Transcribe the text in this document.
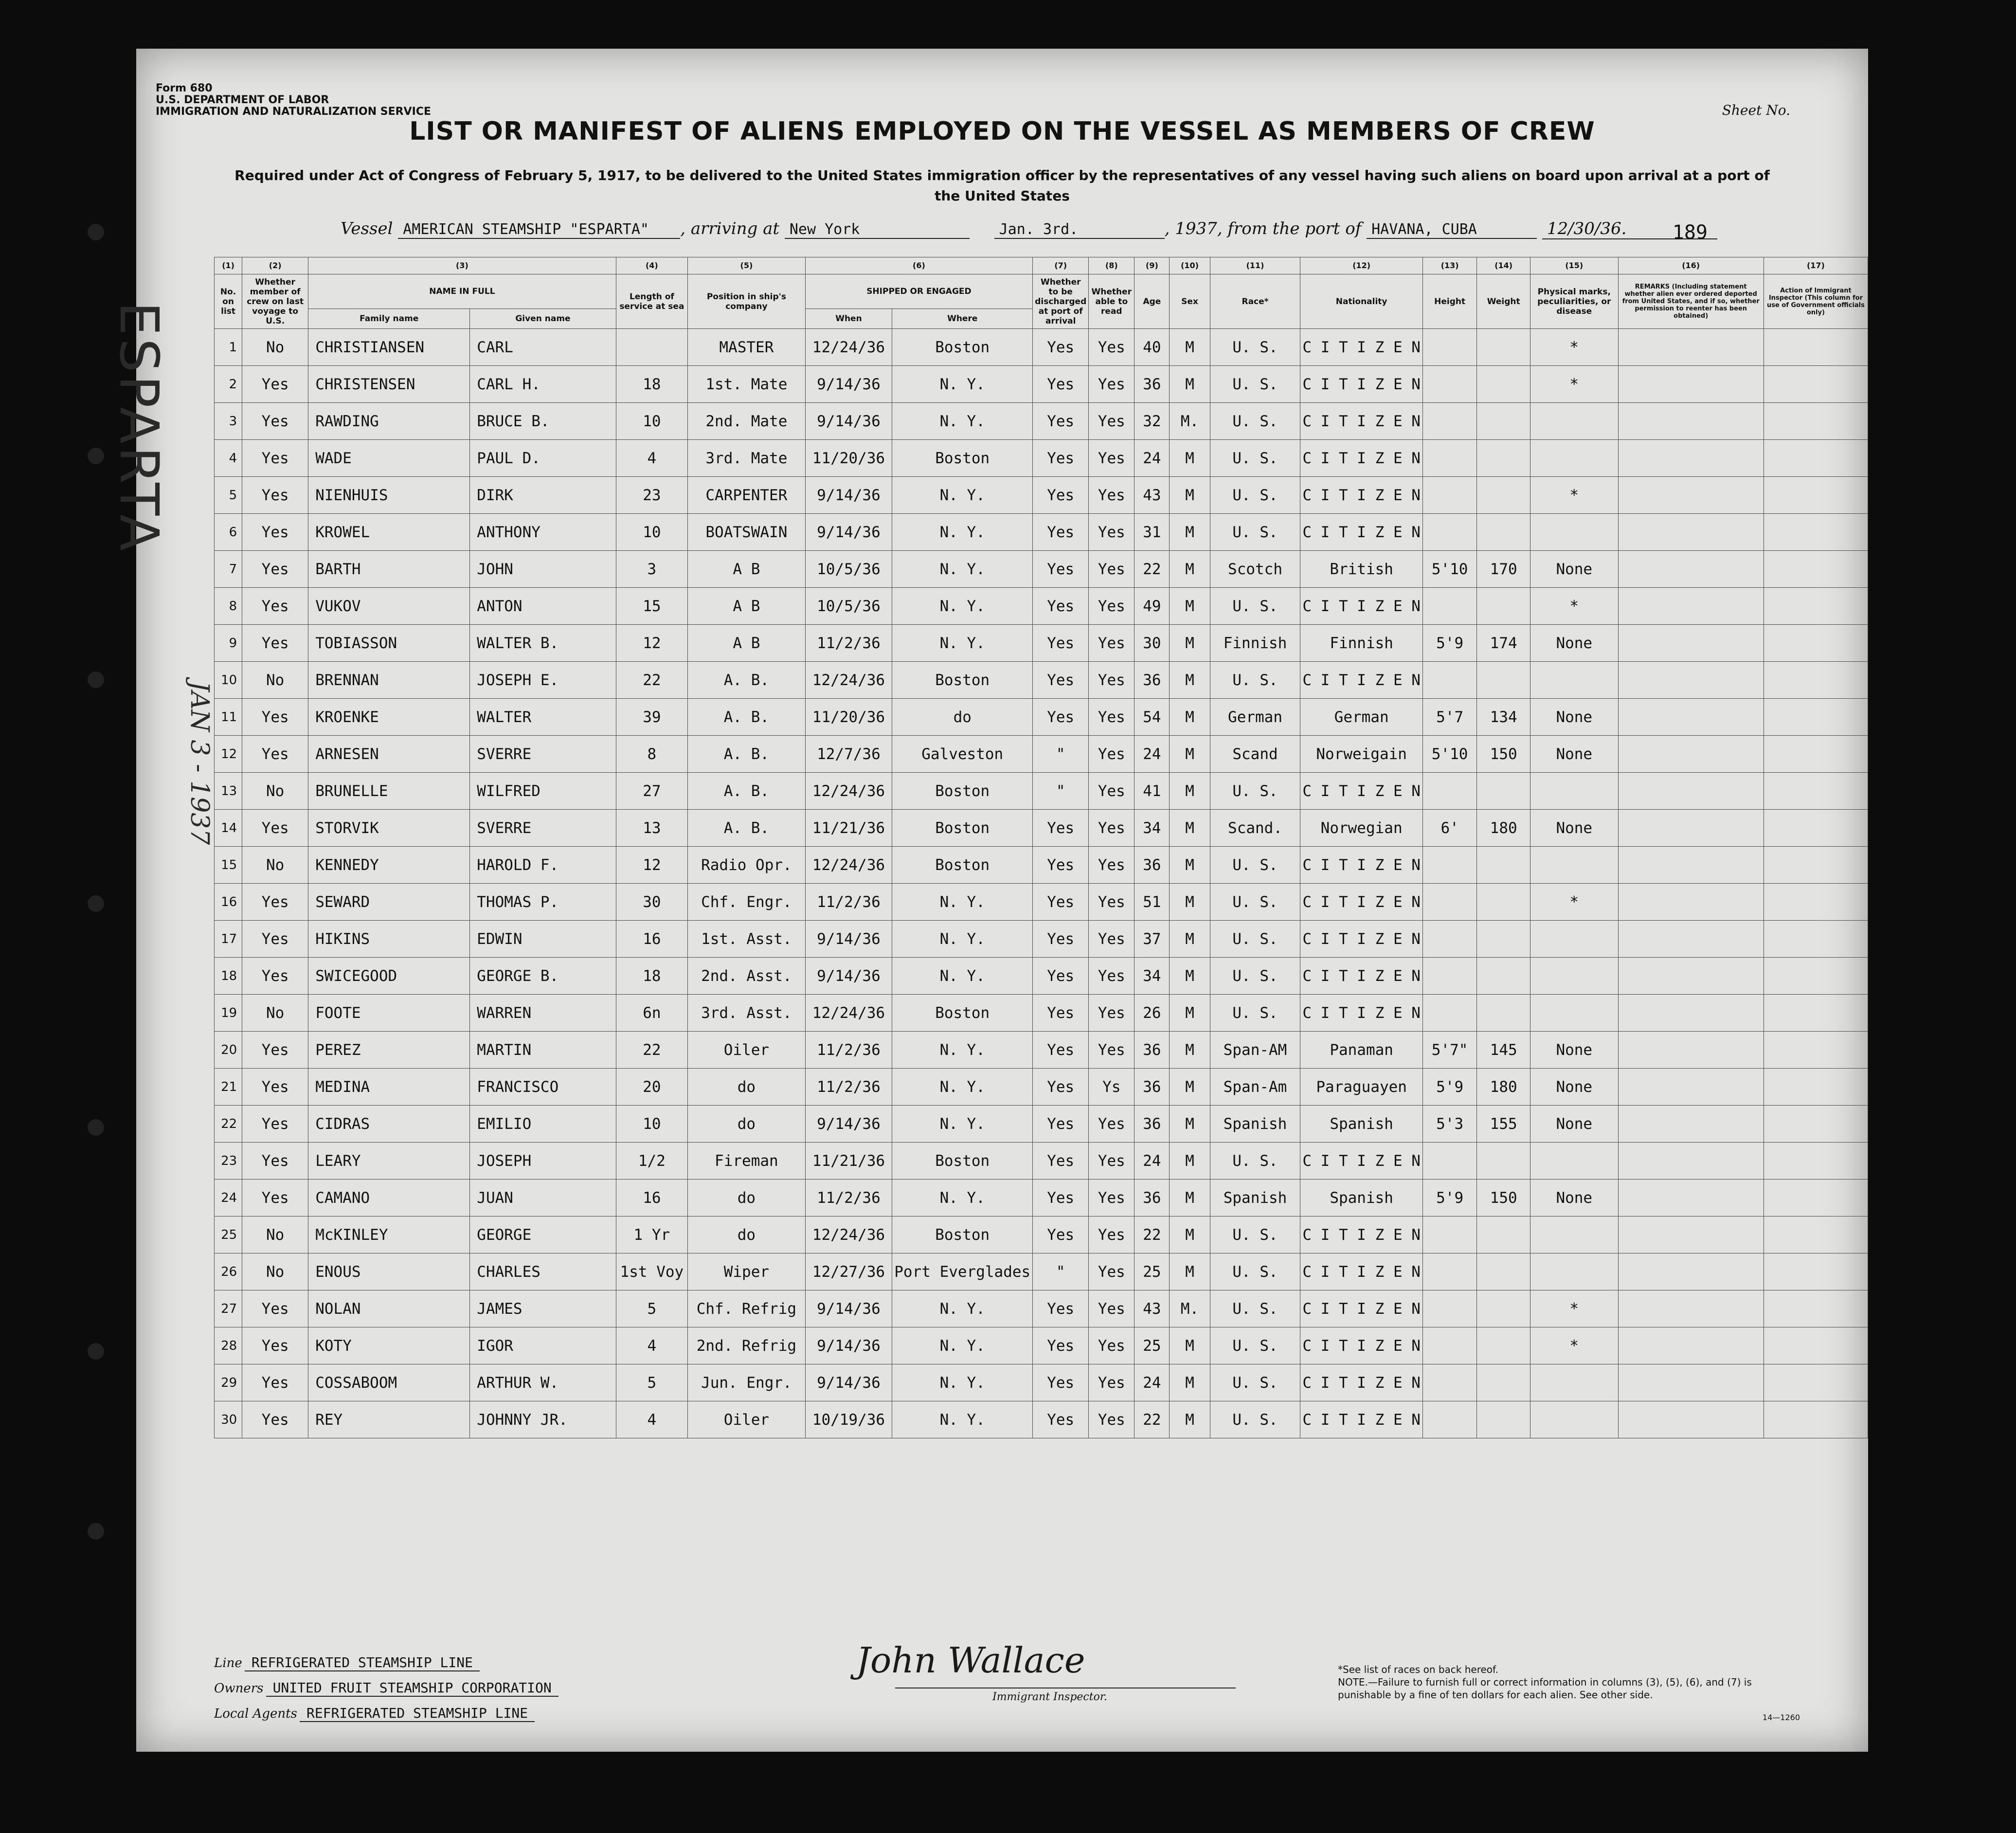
ESPARTA
JAN 3 - 1937
Form 680
U.S. DEPARTMENT OF LABOR
IMMIGRATION AND NATURALIZATION SERVICE	Sheet No.
LIST OR MANIFEST OF ALIENS EMPLOYED ON THE VESSEL AS MEMBERS OF CREW
Required under Act of Congress of February 5, 1917, to be delivered to the United States immigration officer by the representatives of any vessel having such aliens on board upon arrival at a port of the United States
Vessel AMERICAN STEAMSHIP "ESPARTA" , arriving at New York	Jan. 3rd.	, 1937, from the port of HAVANA, CUBA	12/30/36.	189
(1)	(2)	(3)		(4)	(5)	(6)		(7)	(8)	(9)	(10)	(11)	(12)	(13)	(14)	(15)	(16)	(17)
No. on list	Whether member of crew on last voyage to U.S.	NAME IN FULL		Length of service at sea	Position in ship's company	SHIPPED OR ENGAGED		Whether to be discharged at port of arrival	Whether able to read	Age	Sex	Race*	Nationality	Height	Weight	Physical marks, peculiarities, or disease	REMARKS (Including statement whether alien ever ordered deported from United States, and if so, whether permission to reenter has been obtained)	Action of Immigrant Inspector (This column for use of Government officials only)
		Family name	Given name			When	Where											
1	No	CHRISTIANSEN	CARL		MASTER	12/24/36	Boston	Yes	Yes	40	M	U. S.	C I T I Z E N			*		
2	Yes	CHRISTENSEN	CARL H.	18	1st. Mate	9/14/36	N. Y.	Yes	Yes	36	M	U. S.	C I T I Z E N			*		
3	Yes	RAWDING	BRUCE B.	10	2nd. Mate	9/14/36	N. Y.	Yes	Yes	32	M.	U. S.	C I T I Z E N					
4	Yes	WADE	PAUL D.	4	3rd. Mate	11/20/36	Boston	Yes	Yes	24	M	U. S.	C I T I Z E N					
5	Yes	NIENHUIS	DIRK	23	CARPENTER	9/14/36	N. Y.	Yes	Yes	43	M	U. S.	C I T I Z E N			*		
6	Yes	KROWEL	ANTHONY	10	BOATSWAIN	9/14/36	N. Y.	Yes	Yes	31	M	U. S.	C I T I Z E N					
7	Yes	BARTH	JOHN	3	A B	10/5/36	N. Y.	Yes	Yes	22	M	Scotch	British	5'10	170	None		
8	Yes	VUKOV	ANTON	15	A B	10/5/36	N. Y.	Yes	Yes	49	M	U. S.	C I T I Z E N			*		
9	Yes	TOBIASSON	WALTER B.	12	A B	11/2/36	N. Y.	Yes	Yes	30	M	Finnish	Finnish	5'9	174	None		
10	No	BRENNAN	JOSEPH E.	22	A. B.	12/24/36	Boston	Yes	Yes	36	M	U. S.	C I T I Z E N					
11	Yes	KROENKE	WALTER	39	A. B.	11/20/36	do	Yes	Yes	54	M	German	German	5'7	134	None		
12	Yes	ARNESEN	SVERRE	8	A. B.	12/7/36	Galveston	"	Yes	24	M	Scand	Norweigain	5'10	150	None		
13	No	BRUNELLE	WILFRED	27	A. B.	12/24/36	Boston	"	Yes	41	M	U. S.	C I T I Z E N					
14	Yes	STORVIK	SVERRE	13	A. B.	11/21/36	Boston	Yes	Yes	34	M	Scand.	Norwegian	6'	180	None		
15	No	KENNEDY	HAROLD F.	12	Radio Opr.	12/24/36	Boston	Yes	Yes	36	M	U. S.	C I T I Z E N					
16	Yes	SEWARD	THOMAS P.	30	Chf. Engr.	11/2/36	N. Y.	Yes	Yes	51	M	U. S.	C I T I Z E N			*		
17	Yes	HIKINS	EDWIN	16	1st. Asst.	9/14/36	N. Y.	Yes	Yes	37	M	U. S.	C I T I Z E N					
18	Yes	SWICEGOOD	GEORGE B.	18	2nd. Asst.	9/14/36	N. Y.	Yes	Yes	34	M	U. S.	C I T I Z E N					
19	No	FOOTE	WARREN	6n	3rd. Asst.	12/24/36	Boston	Yes	Yes	26	M	U. S.	C I T I Z E N					
20	Yes	PEREZ	MARTIN	22	Oiler	11/2/36	N. Y.	Yes	Yes	36	M	Span-AM	Panaman	5'7"	145	None		
21	Yes	MEDINA	FRANCISCO	20	do	11/2/36	N. Y.	Yes	Ys	36	M	Span-Am	Paraguayen	5'9	180	None		
22	Yes	CIDRAS	EMILIO	10	do	9/14/36	N. Y.	Yes	Yes	36	M	Spanish	Spanish	5'3	155	None		
23	Yes	LEARY	JOSEPH	1/2	Fireman	11/21/36	Boston	Yes	Yes	24	M	U. S.	C I T I Z E N					
24	Yes	CAMANO	JUAN	16	do	11/2/36	N. Y.	Yes	Yes	36	M	Spanish	Spanish	5'9	150	None		
25	No	McKINLEY	GEORGE	1 Yr	do	12/24/36	Boston	Yes	Yes	22	M	U. S.	C I T I Z E N					
26	No	ENOUS	CHARLES	1st Voy	Wiper	12/27/36	Port Everglades	"	Yes	25	M	U. S.	C I T I Z E N					
27	Yes	NOLAN	JAMES	5	Chf. Refrig	9/14/36	N. Y.	Yes	Yes	43	M.	U. S.	C I T I Z E N			*		
28	Yes	KOTY	IGOR	4	2nd. Refrig	9/14/36	N. Y.	Yes	Yes	25	M	U. S.	C I T I Z E N			*		
29	Yes	COSSABOOM	ARTHUR W.	5	Jun. Engr.	9/14/36	N. Y.	Yes	Yes	24	M	U. S.	C I T I Z E N					
30	Yes	REY	JOHNNY JR.	4	Oiler	10/19/36	N. Y.	Yes	Yes	22	M	U. S.	C I T I Z E N					
Line REFRIGERATED STEAMSHIP LINE
Owners UNITED FRUIT STEAMSHIP CORPORATION
Local Agents REFRIGERATED STEAMSHIP LINE
John Wallace
Immigrant Inspector.
*See list of races on back hereof.
NOTE.—Failure to furnish full or correct information in columns (3), (5), (6), and (7) is punishable by a fine of ten dollars for each alien. See other side.
14—1260
